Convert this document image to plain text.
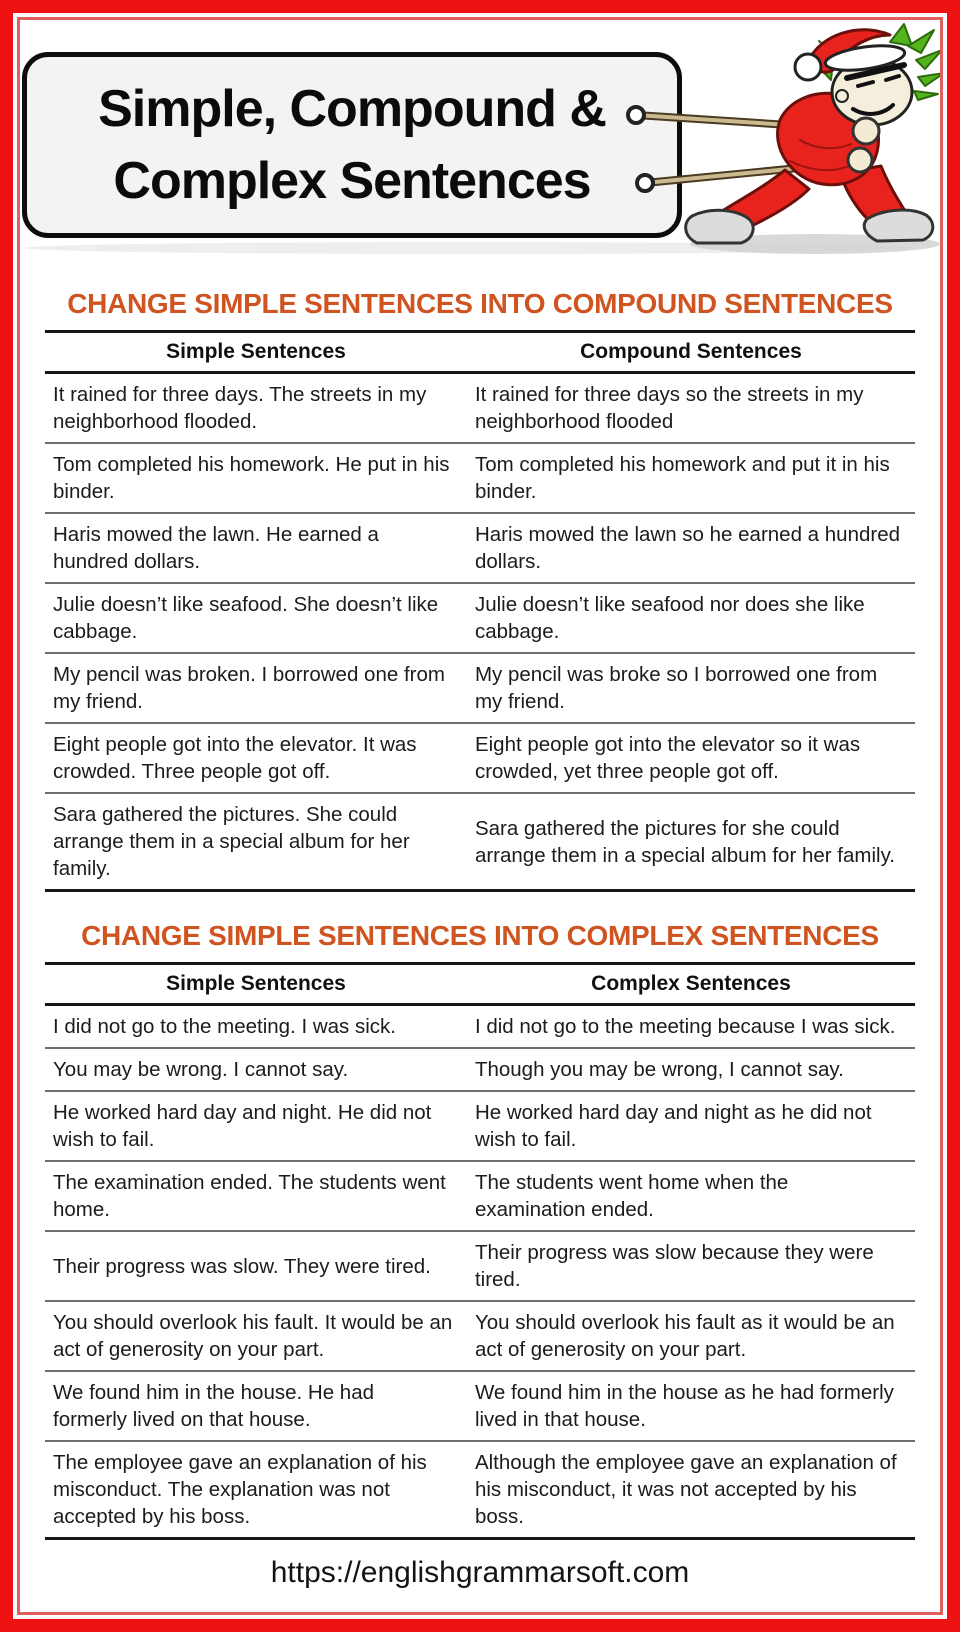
Simple, Compound &
Complex Sentences
CHANGE SIMPLE SENTENCES INTO COMPOUND SENTENCES
Simple Sentences	Compound Sentences
It rained for three days. The streets in my neighborhood flooded.	It rained for three days so the streets in my neighborhood flooded
Tom completed his homework. He put in his binder.	Tom completed his homework and put it in his binder.
Haris mowed the lawn. He earned a hundred dollars.	Haris mowed the lawn so he earned a hundred dollars.
Julie doesn’t like seafood. She doesn’t like cabbage.	Julie doesn’t like seafood nor does she like cabbage.
My pencil was broken. I borrowed one from my friend.	My pencil was broke so I borrowed one from my friend.
Eight people got into the elevator. It was crowded. Three people got off.	Eight people got into the elevator so it was crowded, yet three people got off.
Sara gathered the pictures. She could arrange them in a special album for her family.	Sara gathered the pictures for she could arrange them in a special album for her family.
CHANGE SIMPLE SENTENCES INTO COMPLEX SENTENCES
Simple Sentences	Complex Sentences
I did not go to the meeting. I was sick.	I did not go to the meeting because I was sick.
You may be wrong. I cannot say.	Though you may be wrong, I cannot say.
He worked hard day and night. He did not wish to fail.	He worked hard day and night as he did not wish to fail.
The examination ended. The students went home.	The students went home when the examination ended.
Their progress was slow. They were tired.	Their progress was slow because they were tired.
You should overlook his fault. It would be an act of generosity on your part.	You should overlook his fault as it would be an act of generosity on your part.
We found him in the house. He had formerly lived on that house.	We found him in the house as he had formerly lived in that house.
The employee gave an explanation of his misconduct. The explanation was not accepted by his boss.	Although the employee gave an explanation of his misconduct, it was not accepted by his boss.
https://englishgrammarsoft.com
